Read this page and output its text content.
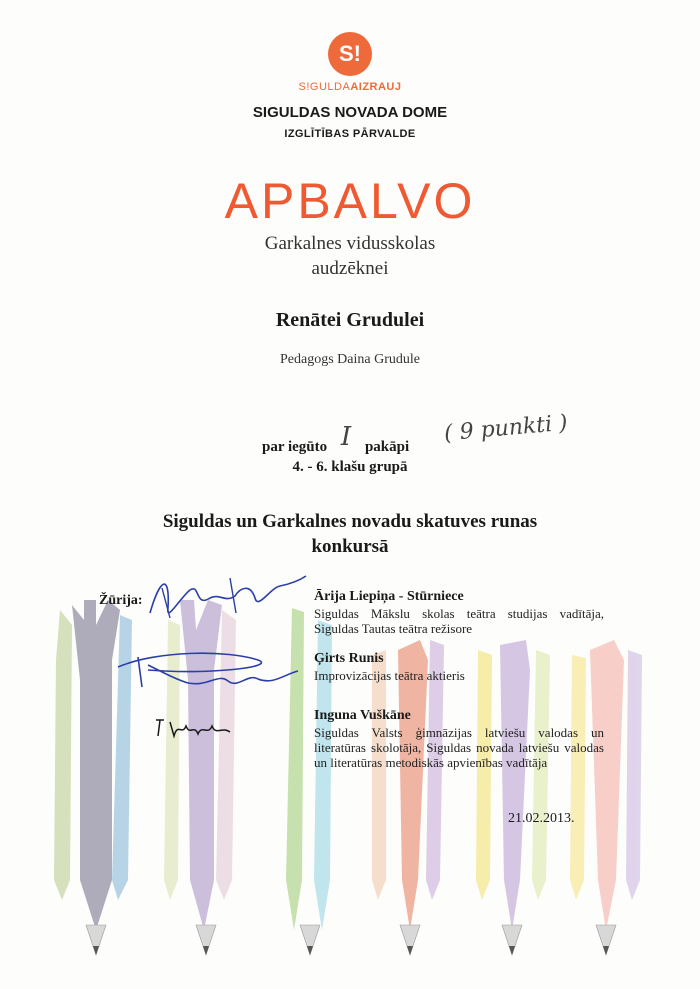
S!
S!GULDAAIZRAUJ
SIGULDAS NOVADA DOME
IZGLĪTĪBAS PĀRVALDE
APBALVO
Garkalnes vidusskolas
audzēknei
Renātei Grudulei
Pedagogs Daina Grudule
par iegūto I pakāpi
( 9 punkti )
4. - 6. klašu grupā
Siguldas un Garkalnes novadu skatuves runas
konkursā
Žūrija:	Ārija Liepiņa - Stūrniece
Siguldas Mākslu skolas teātra studijas vadītāja, Siguldas Tautas teātra režisore
Ģirts Runis
Improvizācijas teātra aktieris
Inguna Vuškāne
Siguldas Valsts ģimnāzijas latviešu valodas un literatūras skolotāja, Siguldas novada latviešu valodas un literatūras metodiskās apvienības vadītāja
21.02.2013.
